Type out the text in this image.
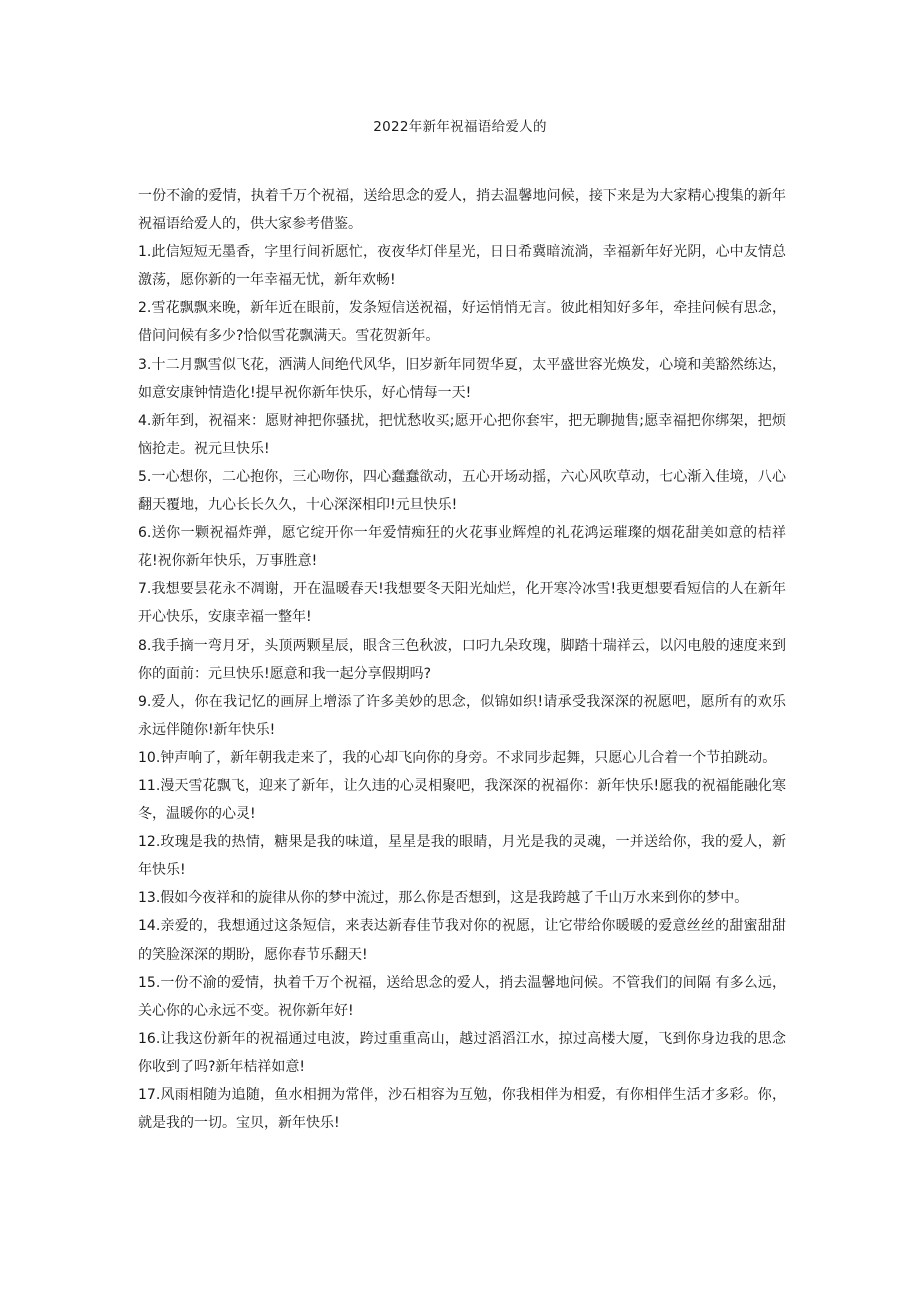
2022年新年祝福语给爱人的

一份不渝的爱情，执着千万个祝福，送给思念的爱人，捎去温馨地问候，接下来是为大家精心搜集的新年祝福语给爱人的，供大家参考借鉴。

1.此信短短无墨香，字里行间祈愿忙，夜夜华灯伴星光，日日希冀暗流淌，幸福新年好光阴，心中友情总激荡，愿你新的一年幸福无忧，新年欢畅!

2.雪花飘飘来晚，新年近在眼前，发条短信送祝福，好运悄悄无言。彼此相知好多年，牵挂问候有思念，借问问候有多少?恰似雪花飘满天。雪花贺新年。

3.十二月飘雪似飞花，洒满人间绝代风华，旧岁新年同贺华夏，太平盛世容光焕发，心境和美豁然练达，如意安康钟情造化!提早祝你新年快乐，好心情每一天!

4.新年到，祝福来：愿财神把你骚扰，把忧愁收买;愿开心把你套牢，把无聊抛售;愿幸福把你绑架，把烦恼抢走。祝元旦快乐!

5.一心想你，二心抱你，三心吻你，四心蠢蠢欲动，五心开场动摇，六心风吹草动，七心渐入佳境，八心翻天覆地，九心长长久久，十心深深相印!元旦快乐!

6.送你一颗祝福炸弹，愿它绽开你一年爱情痴狂的火花事业辉煌的礼花鸿运璀璨的烟花甜美如意的桔祥花!祝你新年快乐，万事胜意!

7.我想要昙花永不凋谢，开在温暖春天!我想要冬天阳光灿烂，化开寒冷冰雪!我更想要看短信的人在新年开心快乐，安康幸福一整年!

8.我手摘一弯月牙，头顶两颗星辰，眼含三色秋波，口叼九朵玫瑰，脚踏十瑞祥云，以闪电般的速度来到你的面前：元旦快乐!愿意和我一起分享假期吗?

9.爱人，你在我记忆的画屏上增添了许多美妙的思念，似锦如织!请承受我深深的祝愿吧，愿所有的欢乐永远伴随你!新年快乐!

10.钟声响了，新年朝我走来了，我的心却飞向你的身旁。不求同步起舞，只愿心儿合着一个节拍跳动。

11.漫天雪花飘飞，迎来了新年，让久违的心灵相聚吧，我深深的祝福你：新年快乐!愿我的祝福能融化寒冬，温暖你的心灵!

12.玫瑰是我的热情，糖果是我的味道，星星是我的眼睛，月光是我的灵魂，一并送给你，我的爱人，新年快乐!

13.假如今夜祥和的旋律从你的梦中流过，那么你是否想到，这是我跨越了千山万水来到你的梦中。

14.亲爱的，我想通过这条短信，来表达新春佳节我对你的祝愿，让它带给你暖暖的爱意丝丝的甜蜜甜甜的笑脸深深的期盼，愿你春节乐翻天!

15.一份不渝的爱情，执着千万个祝福，送给思念的爱人，捎去温馨地问候。不管我们的间隔 有多么远，关心你的心永远不变。祝你新年好!

16.让我这份新年的祝福通过电波，跨过重重高山，越过滔滔江水，掠过高楼大厦，飞到你身边我的思念你收到了吗?新年桔祥如意!

17.风雨相随为追随，鱼水相拥为常伴，沙石相容为互勉，你我相伴为相爱，有你相伴生活才多彩。你，就是我的一切。宝贝，新年快乐!
